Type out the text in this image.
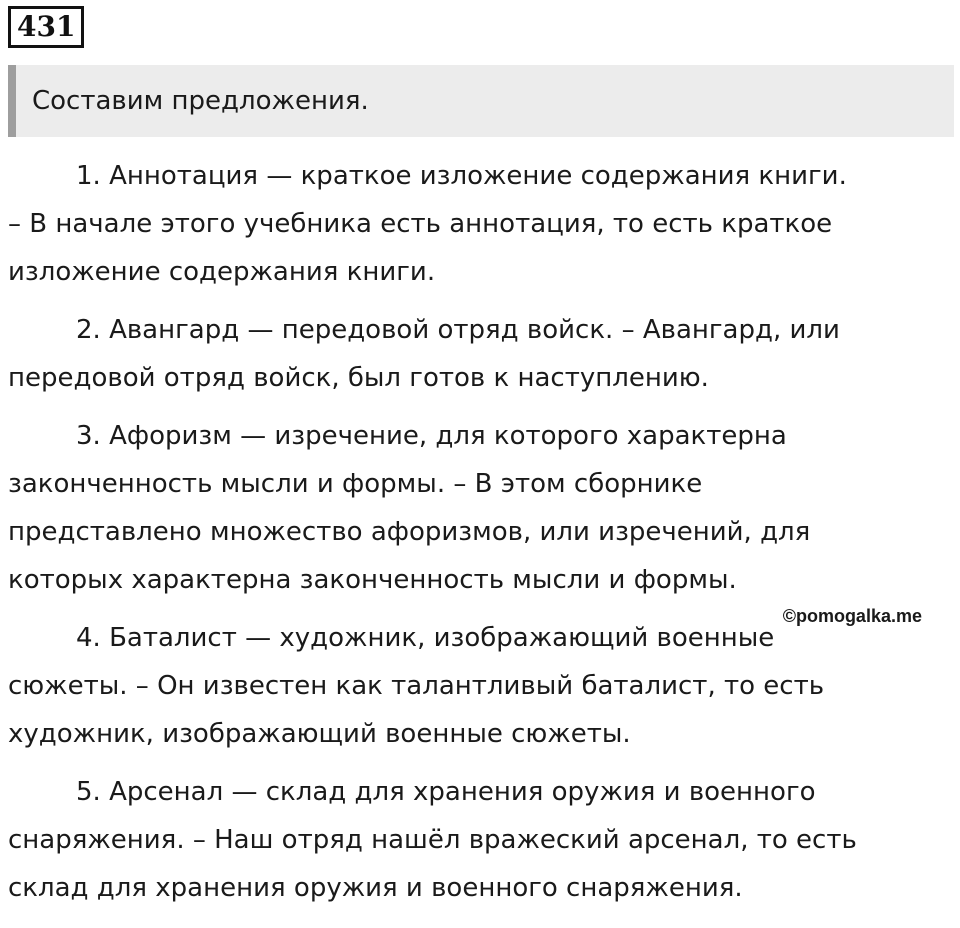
431
Составим предложения.

1. Аннотация — краткое изложение содержания книги.
– В начале этого учебника есть аннотация, то есть краткое
изложение содержания книги.

2. Авангард — передовой отряд войск. – Авангард, или
передовой отряд войск, был готов к наступлению.

3. Афоризм — изречение, для которого характерна
законченность мысли и формы. – В этом сборнике
представлено множество афоризмов, или изречений, для
которых характерна законченность мысли и формы.

4. Баталист — художник, изображающий военные
сюжеты. – Он известен как талантливый баталист, то есть
художник, изображающий военные сюжеты.

5. Арсенал — склад для хранения оружия и военного
снаряжения. – Наш отряд нашёл вражеский арсенал, то есть
склад для хранения оружия и военного снаряжения.

©pomogalka.me
